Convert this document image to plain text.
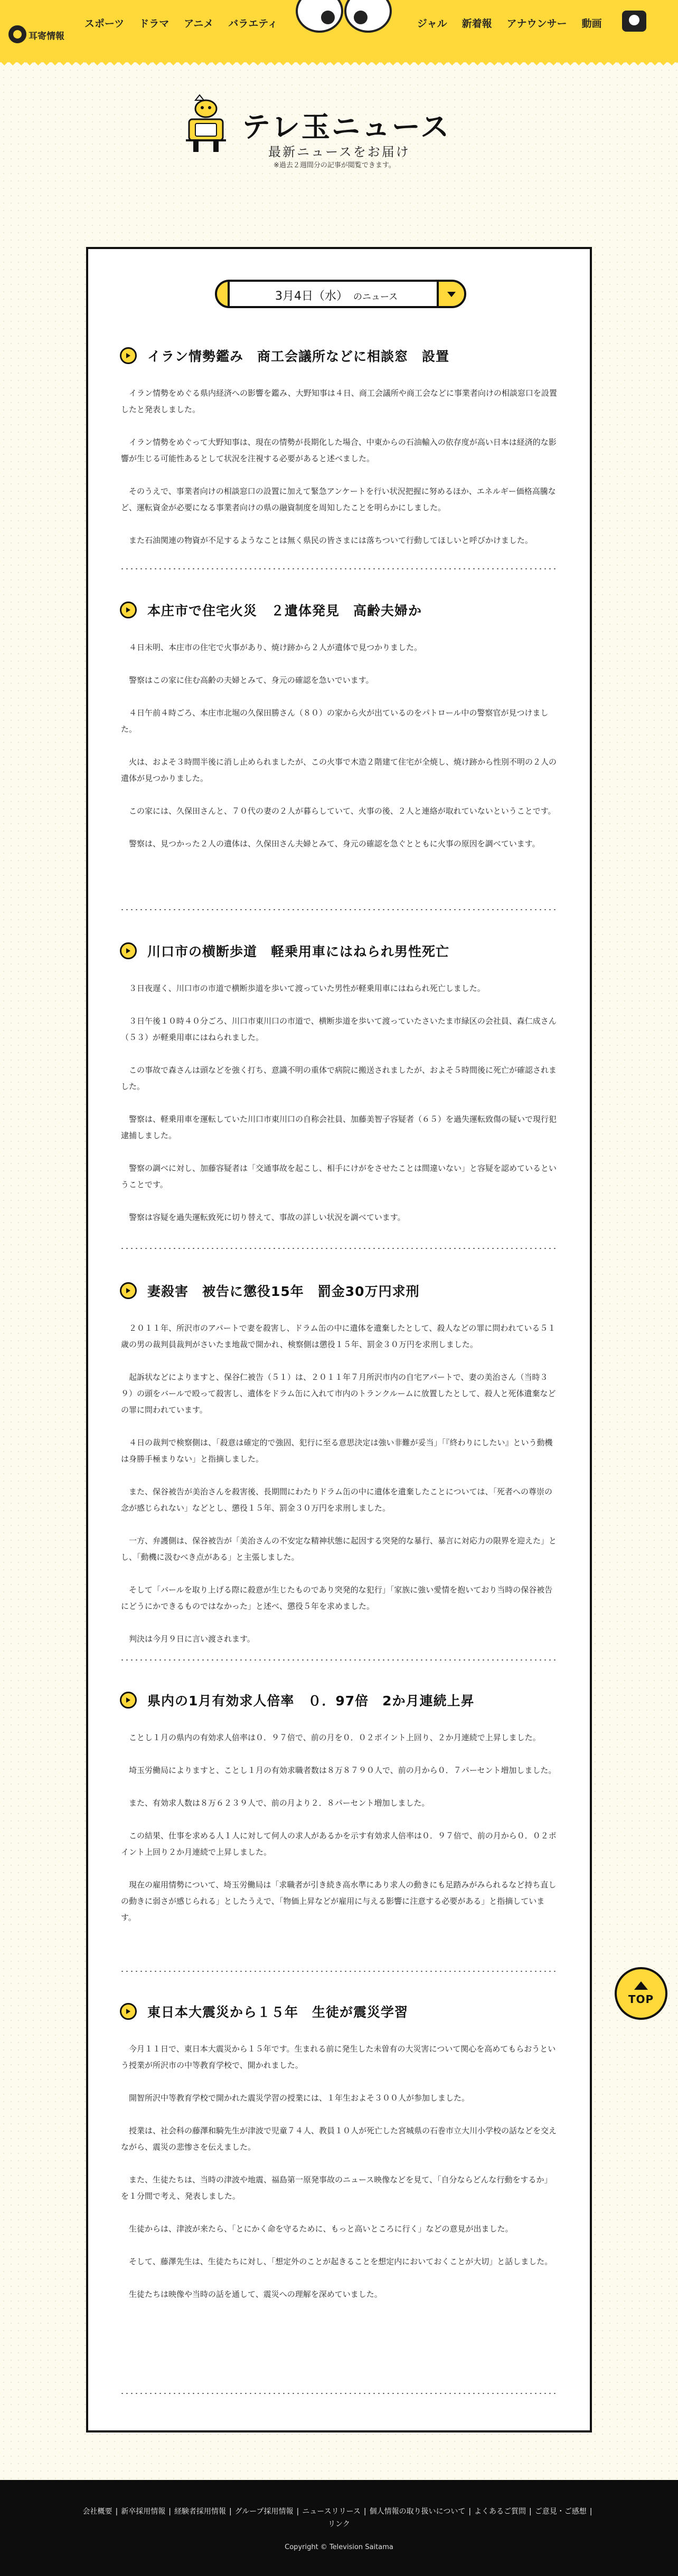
耳寄情報
スポーツ	ドラマ	アニメ	バラエティ	ジャル	新着報	アナウンサー	動画
テレ玉ニュース
最新ニュースをお届け
※過去２週間分の記事が閲覧できます。
3月4日（水） のニュース
イラン情勢鑑み　商工会議所などに相談窓　設置

イラン情勢をめぐる県内経済への影響を鑑み、大野知事は４日、商工会議所や商工会などに事業者向けの相談窓口を設置したと発表しました。

イラン情勢をめぐって大野知事は、現在の情勢が長期化した場合、中東からの石油輸入の依存度が高い日本は経済的な影響が生じる可能性あるとして状況を注視する必要があると述べました。

そのうえで、事業者向けの相談窓口の設置に加えて緊急アンケートを行い状況把握に努めるほか、エネルギー価格高騰など、運転資金が必要になる事業者向けの県の融資制度を周知したことを明らかにしました。

また石油関連の物資が不足するようなことは無く県民の皆さまには落ちついて行動してほしいと呼びかけました。

本庄市で住宅火災　２遺体発見　高齢夫婦か

４日未明、本庄市の住宅で火事があり、焼け跡から２人が遺体で見つかりました。

警察はこの家に住む高齢の夫婦とみて、身元の確認を急いでいます。

４日午前４時ごろ、本庄市北堀の久保田勝さん（８０）の家から火が出ているのをパトロール中の警察官が見つけました。

火は、およそ３時間半後に消し止められましたが、この火事で木造２階建て住宅が全焼し、焼け跡から性別不明の２人の遺体が見つかりました。

この家には、久保田さんと、７０代の妻の２人が暮らしていて、火事の後、２人と連絡が取れていないということです。

警察は、見つかった２人の遺体は、久保田さん夫婦とみて、身元の確認を急ぐとともに火事の原因を調べています。

川口市の横断歩道　軽乗用車にはねられ男性死亡

３日夜遅く、川口市の市道で横断歩道を歩いて渡っていた男性が軽乗用車にはねられ死亡しました。

３日午後１０時４０分ごろ、川口市東川口の市道で、横断歩道を歩いて渡っていたさいたま市緑区の会社員、森仁成さん（５３）が軽乗用車にはねられました。

この事故で森さんは頭などを強く打ち、意識不明の重体で病院に搬送されましたが、およそ５時間後に死亡が確認されました。

警察は、軽乗用車を運転していた川口市東川口の自称会社員、加藤美智子容疑者（６５）を過失運転致傷の疑いで現行犯逮捕しました。

警察の調べに対し、加藤容疑者は「交通事故を起こし、相手にけがをさせたことは間違いない」と容疑を認めているということです。

警察は容疑を過失運転致死に切り替えて、事故の詳しい状況を調べています。

妻殺害　被告に懲役15年　罰金30万円求刑

２０１１年、所沢市のアパートで妻を殺害し、ドラム缶の中に遺体を遺棄したとして、殺人などの罪に問われている５１歳の男の裁判員裁判がさいたま地裁で開かれ、検察側は懲役１５年、罰金３０万円を求刑しました。

起訴状などによりますと、保谷仁被告（５１）は、２０１１年７月所沢市内の自宅アパートで、妻の美治さん（当時３９）の頭をバールで殴って殺害し、遺体をドラム缶に入れて市内のトランクルームに放置したとして、殺人と死体遺棄などの罪に問われています。

４日の裁判で検察側は、「殺意は確定的で強固、犯行に至る意思決定は強い非難が妥当」「『終わりにしたい』という動機は身勝手極まりない」と指摘しました。

また、保谷被告が美治さんを殺害後、長期間にわたりドラム缶の中に遺体を遺棄したことについては、「死者への尊崇の念が感じられない」などとし、懲役１５年、罰金３０万円を求刑しました。

一方、弁護側は、保谷被告が「美治さんの不安定な精神状態に起因する突発的な暴行、暴言に対応力の限界を迎えた」とし、「動機に汲むべき点がある」と主張しました。

そして「バールを取り上げる際に殺意が生じたものであり突発的な犯行」「家族に強い愛情を抱いており当時の保谷被告にどうにかできるものではなかった」と述べ、懲役５年を求めました。

判決は今月９日に言い渡されます。

県内の1月有効求人倍率　０．97倍　2か月連続上昇

ことし１月の県内の有効求人倍率は０．９７倍で、前の月を０．０２ポイント上回り、２か月連続で上昇しました。

埼玉労働局によりますと、ことし１月の有効求職者数は８万８７９０人で、前の月から０．７パーセント増加しました。

また、有効求人数は８万６２３９人で、前の月より２．８パーセント増加しました。

この結果、仕事を求める人１人に対して何人の求人があるかを示す有効求人倍率は０．９７倍で、前の月から０．０２ポイント上回り２か月連続で上昇しました。

現在の雇用情勢について、埼玉労働局は「求職者が引き続き高水準にあり求人の動きにも足踏みがみられるなど持ち直しの動きに弱さが感じられる」としたうえで、「物価上昇などが雇用に与える影響に注意する必要がある」と指摘しています。

東日本大震災から１５年　生徒が震災学習

今月１１日で、東日本大震災から１５年です。生まれる前に発生した未曽有の大災害について関心を高めてもらおうという授業が所沢市の中等教育学校で、開かれました。

開智所沢中等教育学校で開かれた震災学習の授業には、１年生およそ３００人が参加しました。

授業は、社会科の藤澤和騎先生が津波で児童７４人、教員１０人が死亡した宮城県の石巻市立大川小学校の話などを交えながら、震災の悲惨さを伝えました。

また、生徒たちは、当時の津波や地震、福島第一原発事故のニュース映像などを見て、「自分ならどんな行動をするか」を１分間で考え、発表しました。

生徒からは、津波が来たら、「とにかく命を守るために、もっと高いところに行く」などの意見が出ました。

そして、藤澤先生は、生徒たちに対し、「想定外のことが起きることを想定内においておくことが大切」と話しました。

生徒たちは映像や当時の話を通して、震災への理解を深めていました。

TOP
会社概要 | 新卒採用情報 | 経験者採用情報 | グループ採用情報 | ニュースリリース | 個人情報の取り扱いについて | よくあるご質問 | ご意見・ご感想 |リンク
Copyright © Television Saitama
